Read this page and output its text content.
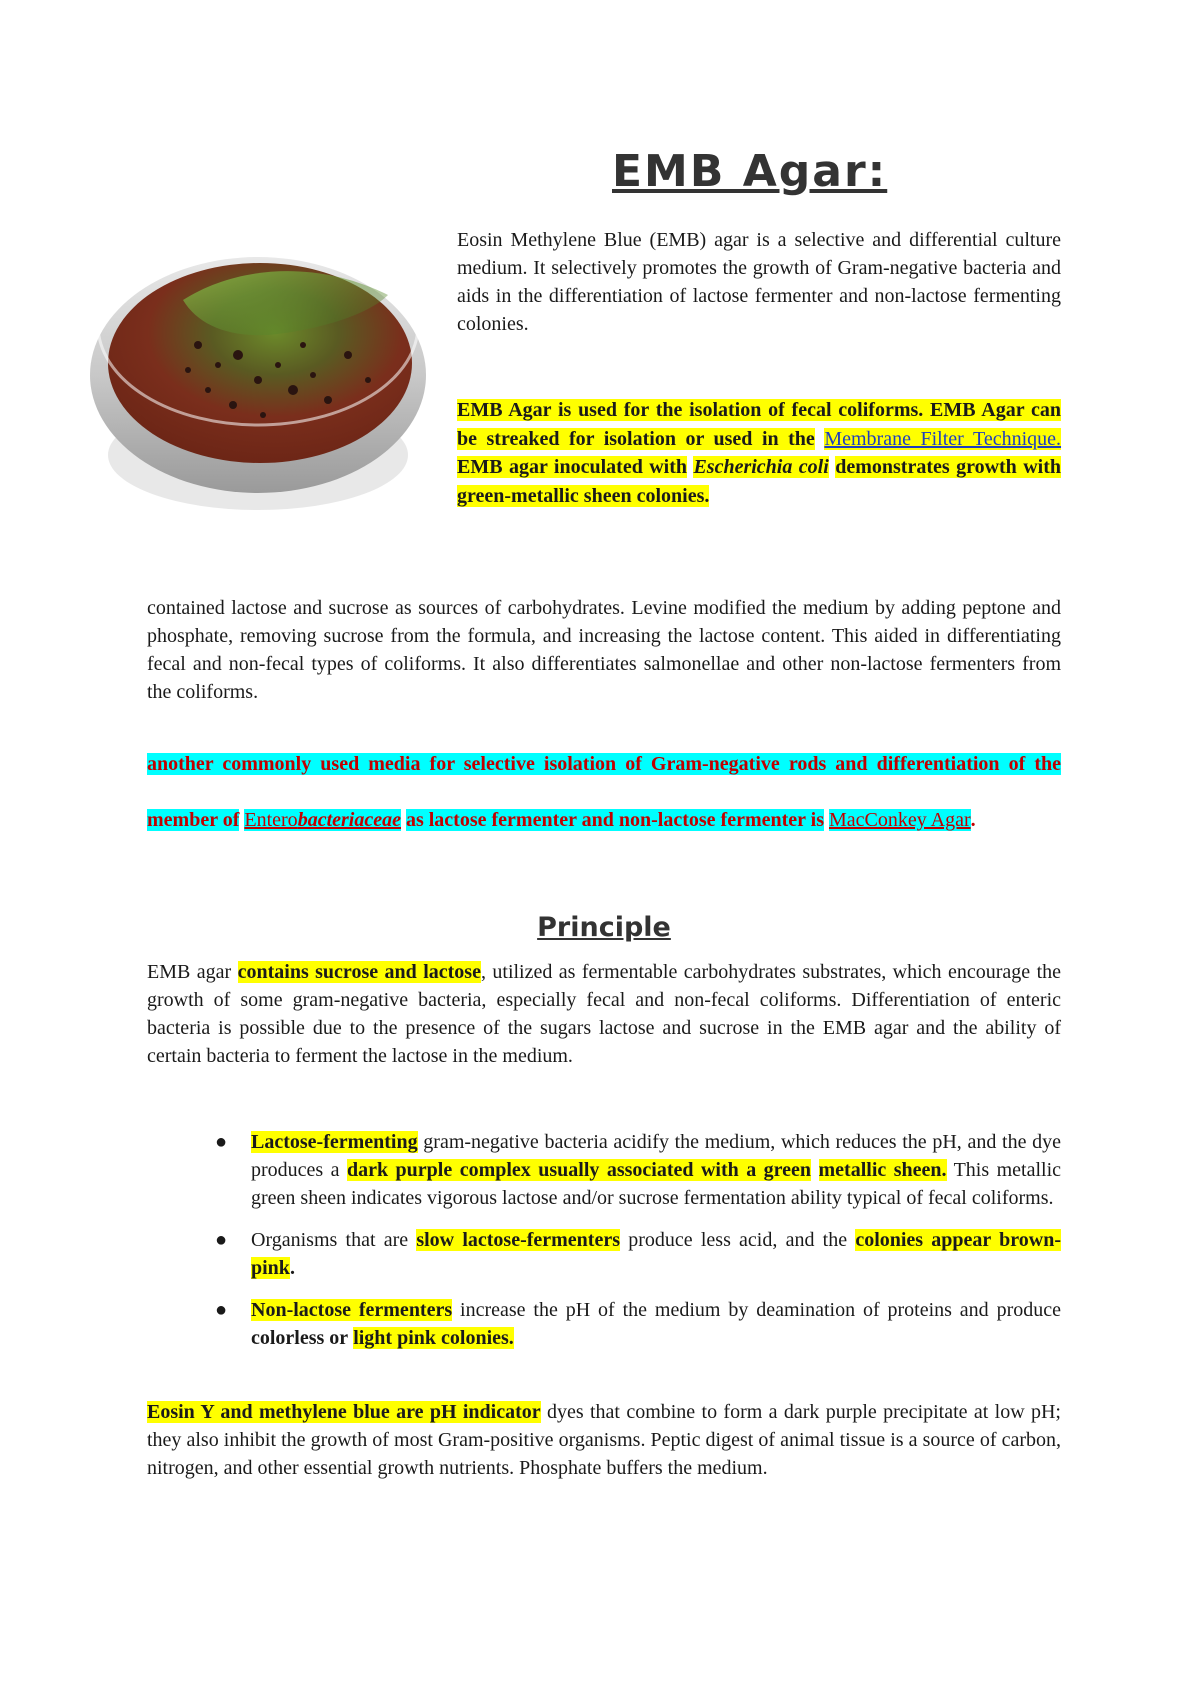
EMB Agar:

Eosin Methylene Blue (EMB) agar is a selective and differential culture medium. It selectively promotes the growth of Gram-negative bacteria and aids in the differentiation of lactose fermenter and non-lactose fermenting colonies.

EMB Agar is used for the isolation of fecal coliforms. EMB Agar can be streaked for isolation or used in the Membrane Filter Technique. EMB agar inoculated with Escherichia coli demonstrates growth with green-metallic sheen colonies.

contained lactose and sucrose as sources of carbohydrates. Levine modified the medium by adding peptone and phosphate, removing sucrose from the formula, and increasing the lactose content. This aided in differentiating fecal and non-fecal types of coliforms. It also differentiates salmonellae and other non-lactose fermenters from the coliforms.

another commonly used media for selective isolation of Gram-negative rods and differentiation of the member of Enterobacteriaceae as lactose fermenter and non-lactose fermenter is MacConkey Agar.

Principle

EMB agar contains sucrose and lactose, utilized as fermentable carbohydrates substrates, which encourage the growth of some gram-negative bacteria, especially fecal and non-fecal coliforms. Differentiation of enteric bacteria is possible due to the presence of the sugars lactose and sucrose in the EMB agar and the ability of certain bacteria to ferment the lactose in the medium.

● Lactose-fermenting gram-negative bacteria acidify the medium, which reduces the pH, and the dye produces a dark purple complex usually associated with a green metallic sheen. This metallic green sheen indicates vigorous lactose and/or sucrose fermentation ability typical of fecal coliforms.
● Organisms that are slow lactose-fermenters produce less acid, and the colonies appear brown-pink.
● Non-lactose fermenters increase the pH of the medium by deamination of proteins and produce colorless or light pink colonies.

Eosin Y and methylene blue are pH indicator dyes that combine to form a dark purple precipitate at low pH; they also inhibit the growth of most Gram-positive organisms. Peptic digest of animal tissue is a source of carbon, nitrogen, and other essential growth nutrients. Phosphate buffers the medium.
